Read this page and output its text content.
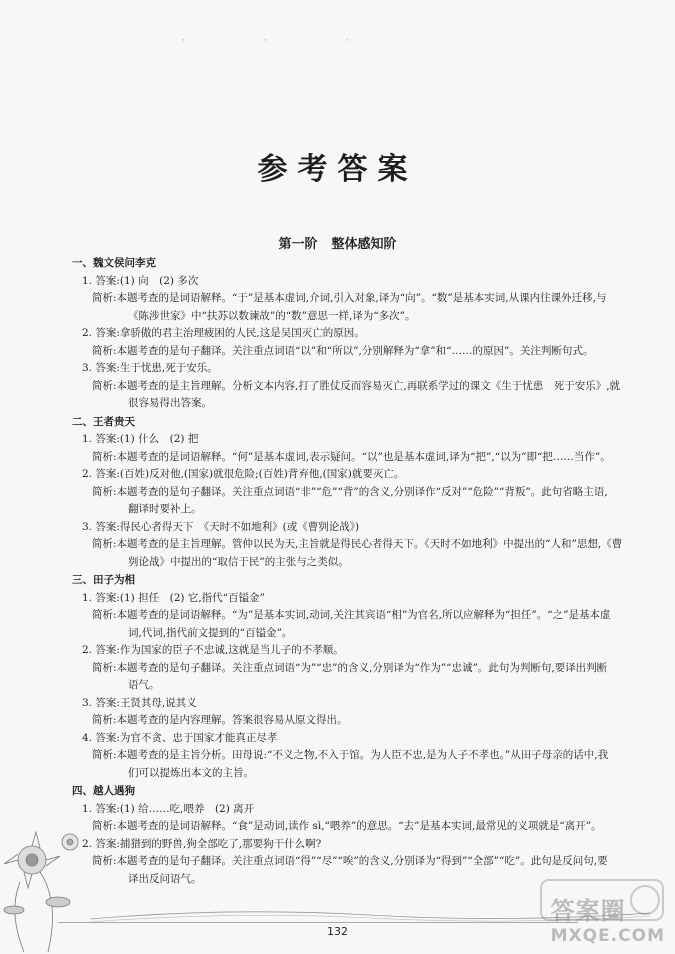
· · ·
参考答案
第一阶 整体感知阶
一、魏文侯问李克
1. 答案:(1) 向　(2) 多次
简析:本题考查的是词语解释。“于”是基本虚词,介词,引入对象,译为“向”。“数”是基本实词,从课内往课外迁移,与
《陈涉世家》中“扶苏以数谏故”的“数”意思一样,译为“多次”。
2. 答案:拿骄傲的君主治理疲困的人民,这是吴国灭亡的原因。
简析:本题考查的是句子翻译。关注重点词语“以”和“所以”,分别解释为“拿”和“……的原因”。关注判断句式。
3. 答案:生于忧患,死于安乐。
简析:本题考查的是主旨理解。分析文本内容,打了胜仗反而容易灭亡,再联系学过的课文《生于忧患　死于安乐》,就
很容易得出答案。
二、王者贵天
1. 答案:(1) 什么　(2) 把
简析:本题考查的是词语解释。“何”是基本虚词,表示疑问。“以”也是基本虚词,译为“把”,“以为”即“把……当作”。
2. 答案:(百姓)反对他,(国家)就很危险;(百姓)背弃他,(国家)就要灭亡。
简析:本题考查的是句子翻译。关注重点词语“非”“危”“背”的含义,分别译作“反对”“危险”“背叛”。此句省略主语,
翻译时要补上。
3. 答案:得民心者得天下　《天时不如地利》(或《曹刿论战》)
简析:本题考查的是主旨理解。管仲以民为天,主旨就是得民心者得天下。《天时不如地利》中提出的“人和”思想,《曹
刿论战》中提出的“取信于民”的主张与之类似。
三、田子为相
1. 答案:(1) 担任　(2) 它,指代“百镒金”
简析:本题考查的是词语解释。“为”是基本实词,动词,关注其宾语“相”为官名,所以应解释为“担任”。“之”是基本虚
词,代词,指代前文提到的“百镒金”。
2. 答案:作为国家的臣子不忠诚,这就是当儿子的不孝顺。
简析:本题考查的是句子翻译。关注重点词语“为”“忠”的含义,分别译为“作为”“忠诚”。此句为判断句,要译出判断
语气。
3. 答案:王贤其母,说其义
简析:本题考查的是内容理解。答案很容易从原文得出。
4. 答案:为官不贪、忠于国家才能真正尽孝
简析:本题考查的是主旨分析。田母说:“不义之物,不入于馆。为人臣不忠,是为人子不孝也。”从田子母亲的话中,我
们可以提炼出本文的主旨。
四、越人遇狗
1. 答案:(1) 给……吃,喂养　(2) 离开
简析:本题考查的是词语解释。“食”是动词,读作 sì,“喂养”的意思。“去”是基本实词,最常见的义项就是“离开”。
2. 答案:捕猎到的野兽,狗全部吃了,那要狗干什么啊?
简析:本题考查的是句子翻译。关注重点词语“得”“尽”“唉”的含义,分别译为“得到”“全部”“吃”。此句是反问句,要
译出反问语气。
132
答案圈
MXQE.COM
